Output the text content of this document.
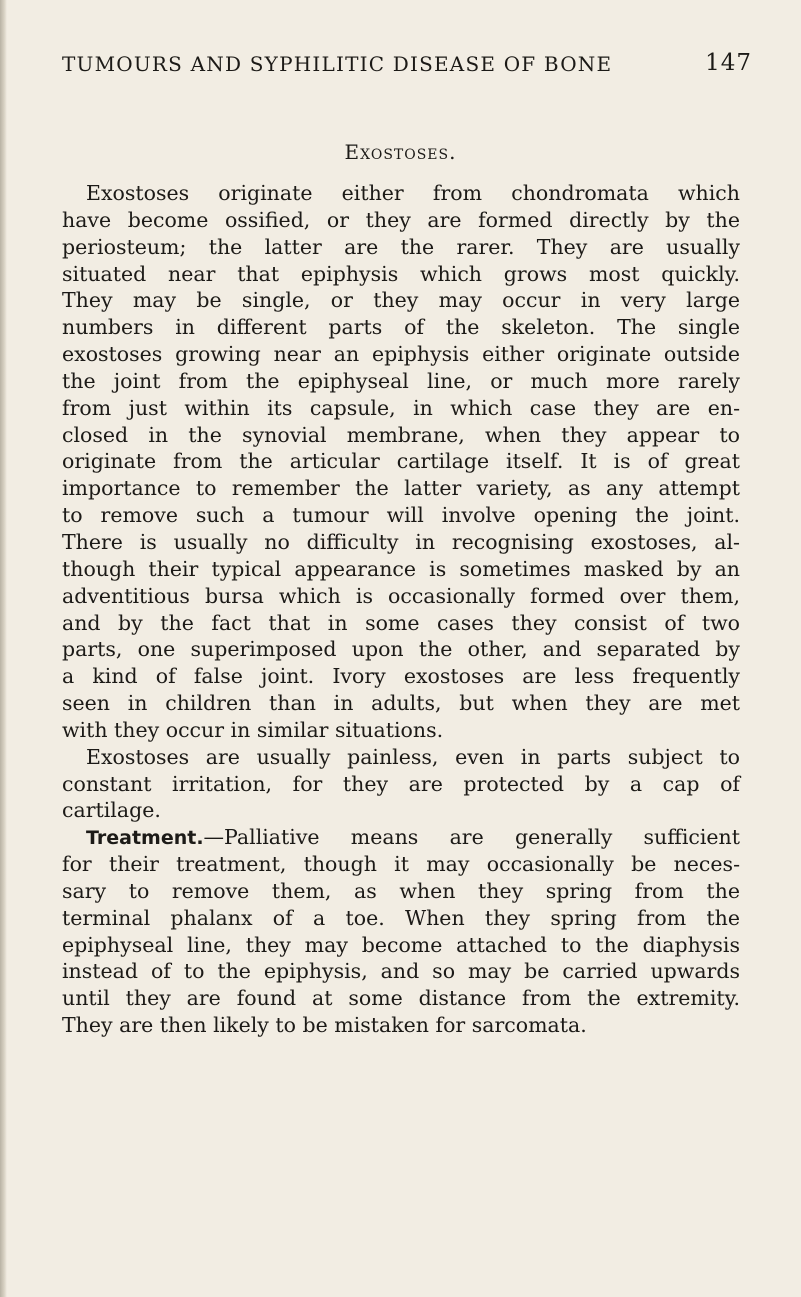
TUMOURS AND SYPHILITIC DISEASE OF BONE	147
Exostoses.
Exostoses originate either from chondromata which
have become ossified, or they are formed directly by the
periosteum; the latter are the rarer. They are usually
situated near that epiphysis which grows most quickly.
They may be single, or they may occur in very large
numbers in different parts of the skeleton. The single
exostoses growing near an epiphysis either originate outside
the joint from the epiphyseal line, or much more rarely
from just within its capsule, in which case they are en-
closed in the synovial membrane, when they appear to
originate from the articular cartilage itself. It is of great
importance to remember the latter variety, as any attempt
to remove such a tumour will involve opening the joint.
There is usually no difficulty in recognising exostoses, al-
though their typical appearance is sometimes masked by an
adventitious bursa which is occasionally formed over them,
and by the fact that in some cases they consist of two
parts, one superimposed upon the other, and separated by
a kind of false joint. Ivory exostoses are less frequently
seen in children than in adults, but when they are met
with they occur in similar situations.
Exostoses are usually painless, even in parts subject to
constant irritation, for they are protected by a cap of
cartilage.
Treatment.—Palliative means are generally sufficient
for their treatment, though it may occasionally be neces-
sary to remove them, as when they spring from the
terminal phalanx of a toe. When they spring from the
epiphyseal line, they may become attached to the diaphysis
instead of to the epiphysis, and so may be carried upwards
until they are found at some distance from the extremity.
They are then likely to be mistaken for sarcomata.
